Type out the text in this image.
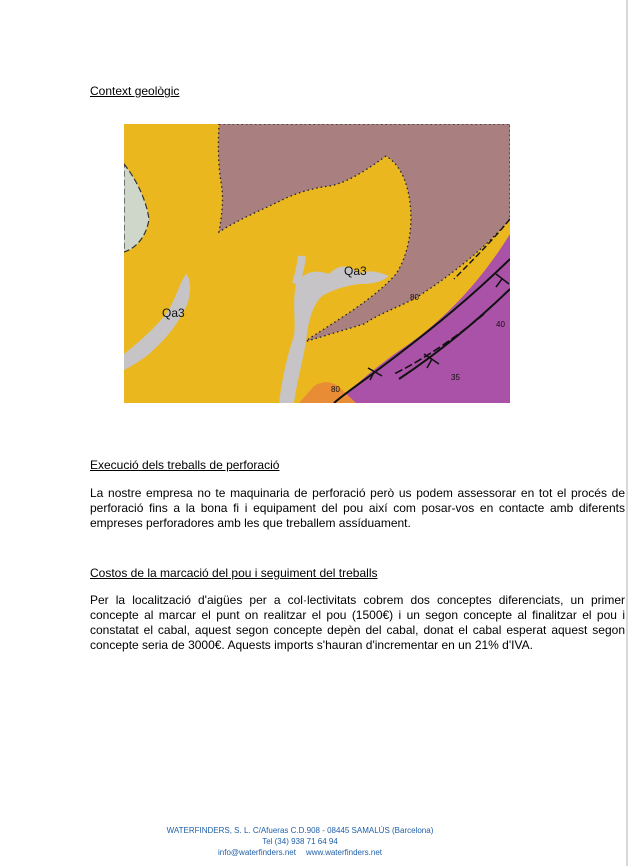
Context geològic
Qa3
Qa3
80
40
35
80
Execució dels treballs de perforació

La nostre empresa no te maquinaria de perforació però us podem assessorar en tot el procés de perforació fins a la bona fi i equipament del pou així com posar-vos en contacte amb diferents empreses perforadores amb les que treballem assíduament.

Costos de la marcació del pou i seguiment del treballs

Per la localització d'aigües per a col·lectivitats cobrem dos conceptes diferenciats, un primer concepte al marcar el punt on realitzar el pou (1500€) i un segon concepte al finalitzar el pou i constatat el cabal, aquest segon concepte depèn del cabal, donat el cabal esperat aquest segon concepte seria de 3000€. Aquests imports s'hauran d'incrementar en un 21% d'IVA.

WATERFINDERS, S. L. C/Afueras C.D.908 - 08445 SAMALÚS (Barcelona)
Tel (34) 938 71 64 94
info@waterfinders.net www.waterfinders.net
